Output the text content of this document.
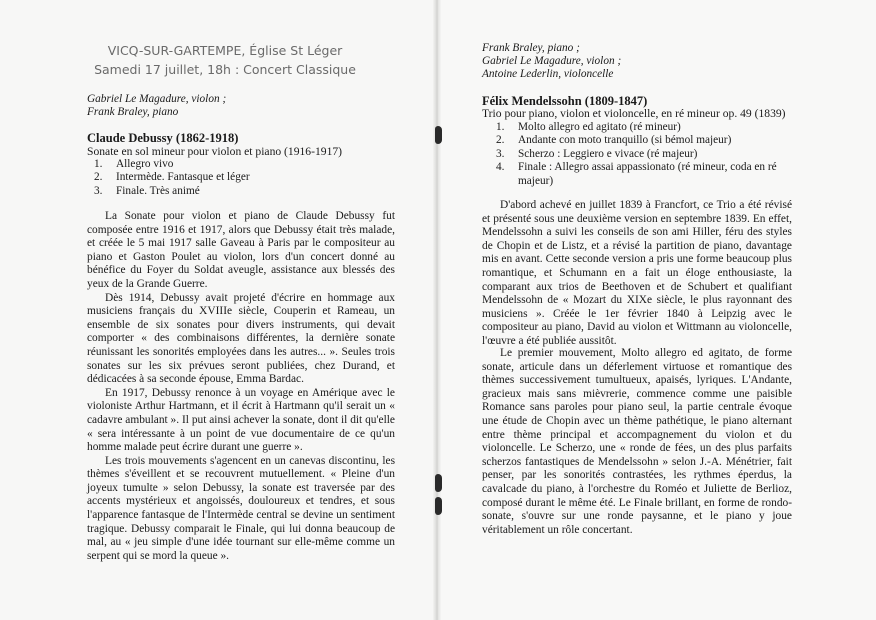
VICQ-SUR-GARTEMPE, Église St Léger
Samedi 17 juillet, 18h : Concert Classique
Gabriel Le Magadure, violon ;
Frank Braley, piano
Claude Debussy (1862-1918)
Sonate en sol mineur pour violon et piano (1916-1917)
1. Allegro vivo
2. Intermède. Fantasque et léger
3. Finale. Très animé

La Sonate pour violon et piano de Claude Debussy fut composée entre 1916 et 1917, alors que Debussy était très malade, et créée le 5 mai 1917 salle Gaveau à Paris par le compositeur au piano et Gaston Poulet au violon, lors d'un concert donné au bénéfice du Foyer du Soldat aveugle, assistance aux blessés des yeux de la Grande Guerre.

Dès 1914, Debussy avait projeté d'écrire en hommage aux musiciens français du XVIIIe siècle, Couperin et Rameau, un ensemble de six sonates pour divers instruments, qui devait comporter « des combinaisons différentes, la dernière sonate réunissant les sonorités employées dans les autres... ». Seules trois sonates sur les six prévues seront publiées, chez Durand, et dédicacées à sa seconde épouse, Emma Bardac.

En 1917, Debussy renonce à un voyage en Amérique avec le violoniste Arthur Hartmann, et il écrit à Hartmann qu'il serait un « cadavre ambulant ». Il put ainsi achever la sonate, dont il dit qu'elle « sera intéressante à un point de vue documentaire de ce qu'un homme malade peut écrire durant une guerre ».

Les trois mouvements s'agencent en un canevas discontinu, les thèmes s'éveillent et se recouvrent mutuellement. « Pleine d'un joyeux tumulte » selon Debussy, la sonate est traversée par des accents mystérieux et angoissés, douloureux et tendres, et sous l'apparence fantasque de l'Intermède central se devine un sentiment tragique. Debussy comparait le Finale, qui lui donna beaucoup de mal, au « jeu simple d'une idée tournant sur elle-même comme un serpent qui se mord la queue ».

Frank Braley, piano ;
Gabriel Le Magadure, violon ;
Antoine Lederlin, violoncelle
Félix Mendelssohn (1809-1847)
Trio pour piano, violon et violoncelle, en ré mineur op. 49 (1839)
1. Molto allegro ed agitato (ré mineur)
2. Andante con moto tranquillo (si bémol majeur)
3. Scherzo : Leggiero e vivace (ré majeur)
4. Finale : Allegro assai appassionato (ré mineur, coda en ré majeur)

D'abord achevé en juillet 1839 à Francfort, ce Trio a été révisé et présenté sous une deuxième version en septembre 1839. En effet, Mendelssohn a suivi les conseils de son ami Hiller, féru des styles de Chopin et de Listz, et a révisé la partition de piano, davantage mis en avant. Cette seconde version a pris une forme beaucoup plus romantique, et Schumann en a fait un éloge enthousiaste, la comparant aux trios de Beethoven et de Schubert et qualifiant Mendelssohn de « Mozart du XIXe siècle, le plus rayonnant des musiciens ». Créée le 1er février 1840 à Leipzig avec le compositeur au piano, David au violon et Wittmann au violoncelle, l'œuvre a été publiée aussitôt.

Le premier mouvement, Molto allegro ed agitato, de forme sonate, articule dans un déferlement virtuose et romantique des thèmes successivement tumultueux, apaisés, lyriques. L'Andante, gracieux mais sans mièvrerie, commence comme une paisible Romance sans paroles pour piano seul, la partie centrale évoque une étude de Chopin avec un thème pathétique, le piano alternant entre thème principal et accompagnement du violon et du violoncelle. Le Scherzo, une « ronde de fées, un des plus parfaits scherzos fantastiques de Mendelssohn » selon J.-A. Ménétrier, fait penser, par les sonorités contrastées, les rythmes éperdus, la cavalcade du piano, à l'orchestre du Roméo et Juliette de Berlioz, composé durant le même été. Le Finale brillant, en forme de rondo-sonate, s'ouvre sur une ronde paysanne, et le piano y joue véritablement un rôle concertant.
